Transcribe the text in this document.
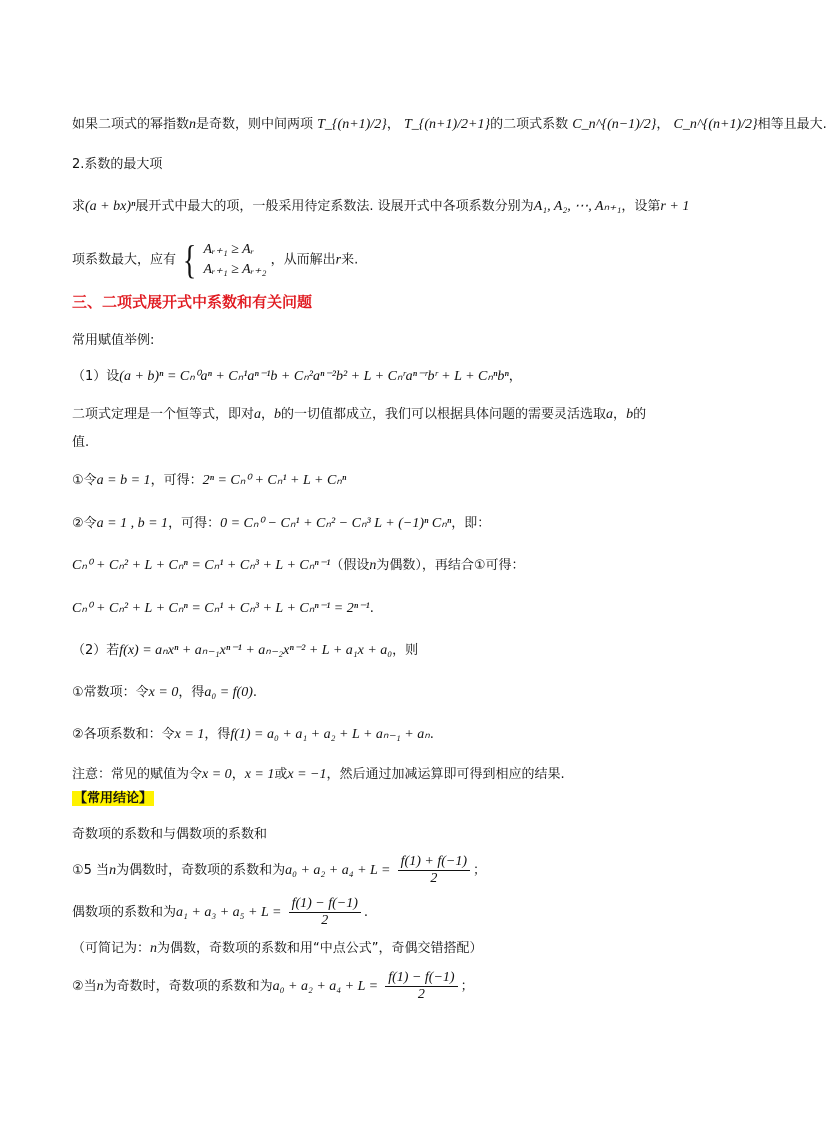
如果二项式的幂指数n是奇数，则中间两项 T_{(n+1)/2}， T_{(n+1)/2+1}的二项式系数 C_n^{(n−1)/2}， C_n^{(n+1)/2}相等且最大.
2.系数的最大项
求(a + bx)ⁿ展开式中最大的项，一般采用待定系数法. 设展开式中各项系数分别为A₁, A₂, ⋯, Aₙ₊₁，设第r + 1
项系数最大，应有 { Aᵣ₊₁ ≥ Aᵣ
Aᵣ₊₁ ≥ Aᵣ₊₂
，从而解出r来.
三、二项式展开式中系数和有关问题
常用赋值举例:
（1）设(a + b)ⁿ = Cₙ⁰aⁿ + Cₙ¹aⁿ⁻¹b + Cₙ²aⁿ⁻²b² + L + Cₙʳaⁿ⁻ʳbʳ + L + Cₙⁿbⁿ，
二项式定理是一个恒等式，即对a，b的一切值都成立，我们可以根据具体问题的需要灵活选取a，b的
值.
①令a = b = 1，可得：2ⁿ = Cₙ⁰ + Cₙ¹ + L + Cₙⁿ
②令a = 1 , b = 1，可得：0 = Cₙ⁰ − Cₙ¹ + Cₙ² − Cₙ³ L + (−1)ⁿ Cₙⁿ，即：
Cₙ⁰ + Cₙ² + L + Cₙⁿ = Cₙ¹ + Cₙ³ + L + Cₙⁿ⁻¹（假设n为偶数），再结合①可得：
Cₙ⁰ + Cₙ² + L + Cₙⁿ = Cₙ¹ + Cₙ³ + L + Cₙⁿ⁻¹ = 2ⁿ⁻¹.
（2）若f(x) = aₙxⁿ + aₙ₋₁xⁿ⁻¹ + aₙ₋₂xⁿ⁻² + L + a₁x + a₀，则
①常数项：令x = 0，得a₀ = f(0).
②各项系数和：令x = 1，得f(1) = a₀ + a₁ + a₂ + L + aₙ₋₁ + aₙ.
注意：常见的赋值为令x = 0，x = 1或x = −1，然后通过加减运算即可得到相应的结果.
【常用结论】
奇数项的系数和与偶数项的系数和
①5 当n为偶数时，奇数项的系数和为$a_0 + a_2 + a_4 + L = \frac{f(1) + f(-1)}{2}$ ；
偶数项的系数和为$a_1 + a_3 + a_5 + L = \frac{f(1) - f(-1)}{2}$ .
（可简记为：n为偶数，奇数项的系数和用“中点公式”，奇偶交错搭配）
②当n为奇数时，奇数项的系数和为$a_0 + a_2 + a_4 + L = \frac{f(1) - f(-1)}{2}$ ；
